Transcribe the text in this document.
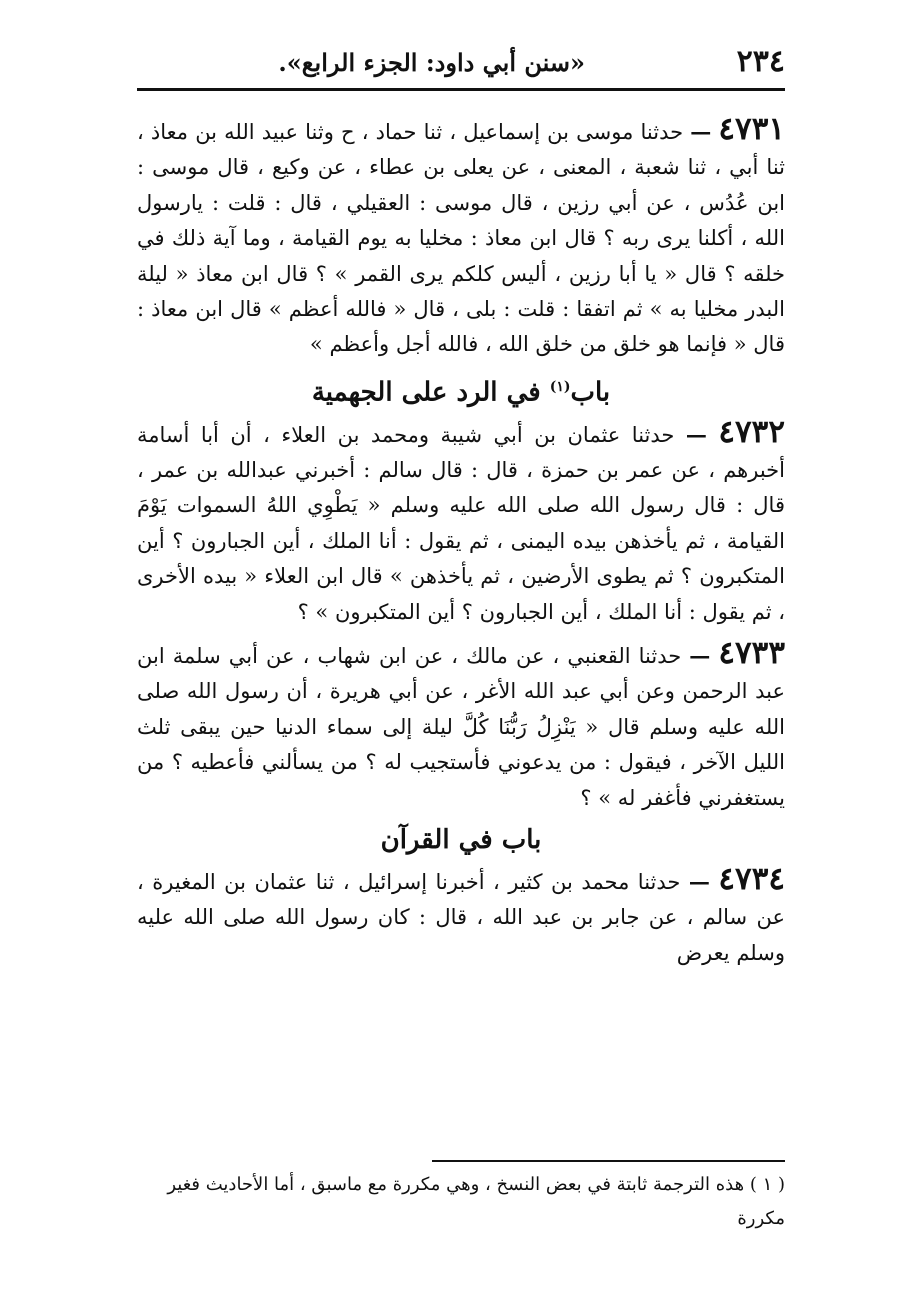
٢٣٤
«سنن أبي داود: الجزء الرابع».

٤٧٣١ — حدثنا موسى بن إسماعيل ، ثنا حماد ، ح وثنا عبيد الله بن معاذ ، ثنا أبي ، ثنا شعبة ، المعنى ، عن يعلى بن عطاء ، عن وكيع ، قال موسى : ابن عُدُس ، عن أبي رزين ، قال موسى : العقيلي ، قال : قلت : يارسول الله ، أكلنا يرى ربه ؟ قال ابن معاذ : مخليا به يوم القيامة ، وما آية ذلك في خلقه ؟ قال « يا أبا رزين ، أليس كلكم يرى القمر » ؟ قال ابن معاذ « ليلة البدر مخليا به » ثم اتفقا : قلت : بلى ، قال « فالله أعظم » قال ابن معاذ : قال « فإنما هو خلق من خلق الله ، فالله أجل وأعظم »

باب$^{(١)}$ في الرد على الجهمية

٤٧٣٢ — حدثنا عثمان بن أبي شيبة ومحمد بن العلاء ، أن أبا أسامة أخبرهم ، عن عمر بن حمزة ، قال : قال سالم : أخبرني عبدالله بن عمر ، قال : قال رسول الله صلى الله عليه وسلم « يَطْوِي اللهُ السموات يَوْمَ القيامة ، ثم يأخذهن بيده اليمنى ، ثم يقول : أنا الملك ، أين الجبارون ؟ أين المتكبرون ؟ ثم يطوى الأرضين ، ثم يأخذهن » قال ابن العلاء « بيده الأخرى ، ثم يقول : أنا الملك ، أين الجبارون ؟ أين المتكبرون » ؟

٤٧٣٣ — حدثنا القعنبي ، عن مالك ، عن ابن شهاب ، عن أبي سلمة ابن عبد الرحمن وعن أبي عبد الله الأغر ، عن أبي هريرة ، أن رسول الله صلى الله عليه وسلم قال « يَنْزِلُ رَبُّنَا كُلَّ ليلة إلى سماء الدنيا حين يبقى ثلث الليل الآخر ، فيقول : من يدعوني فأستجيب له ؟ من يسألني فأعطيه ؟ من يستغفرني فأغفر له » ؟

باب في القرآن

٤٧٣٤ — حدثنا محمد بن كثير ، أخبرنا إسرائيل ، ثنا عثمان بن المغيرة ، عن سالم ، عن جابر بن عبد الله ، قال : كان رسول الله صلى الله عليه وسلم يعرض

( ١ ) هذه الترجمة ثابتة في بعض النسخ ، وهي مكررة مع ماسبق ، أما الأحاديث فغير مكررة
